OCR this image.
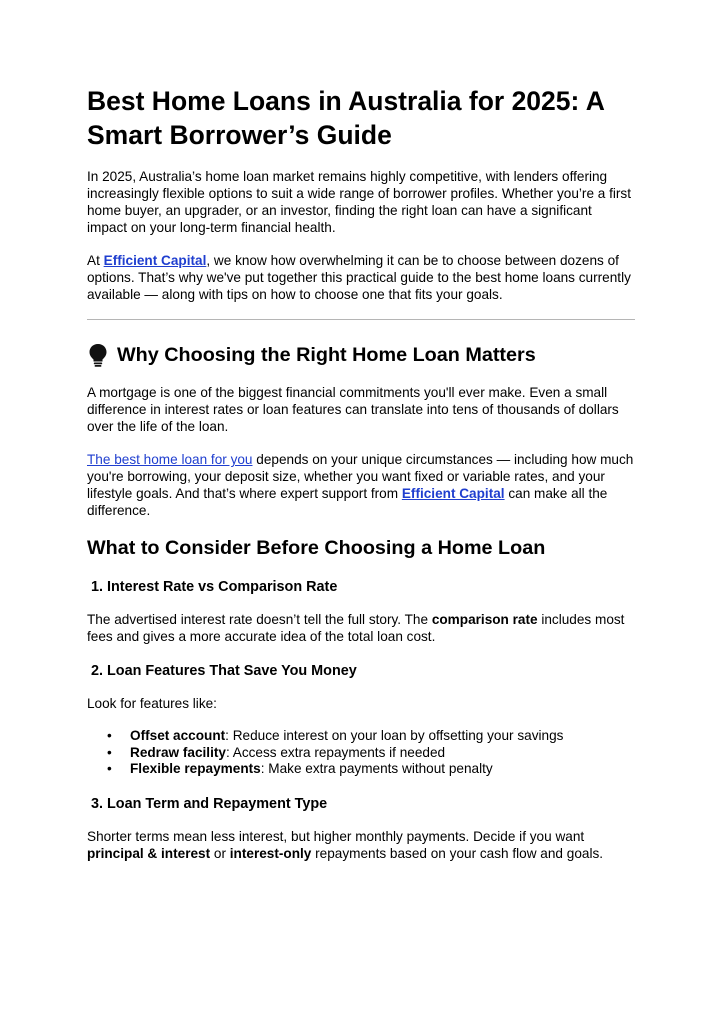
Best Home Loans in Australia for 2025: A Smart Borrower’s Guide

In 2025, Australia’s home loan market remains highly competitive, with lenders offering increasingly flexible options to suit a wide range of borrower profiles. Whether you’re a first home buyer, an upgrader, or an investor, finding the right loan can have a significant impact on your long-term financial health.

At Efficient Capital, we know how overwhelming it can be to choose between dozens of options. That’s why we've put together this practical guide to the best home loans currently available — along with tips on how to choose one that fits your goals.

Why Choosing the Right Home Loan Matters

A mortgage is one of the biggest financial commitments you'll ever make. Even a small difference in interest rates or loan features can translate into tens of thousands of dollars over the life of the loan.

The best home loan for you depends on your unique circumstances — including how much you're borrowing, your deposit size, whether you want fixed or variable rates, and your lifestyle goals. And that’s where expert support from Efficient Capital can make all the difference.

What to Consider Before Choosing a Home Loan
1. Interest Rate vs Comparison Rate

The advertised interest rate doesn’t tell the full story. The comparison rate includes most fees and gives a more accurate idea of the total loan cost.

2. Loan Features That Save You Money

Look for features like:

• Offset account: Reduce interest on your loan by offsetting your savings
• Redraw facility: Access extra repayments if needed
• Flexible repayments: Make extra payments without penalty
3. Loan Term and Repayment Type

Shorter terms mean less interest, but higher monthly payments. Decide if you want principal & interest or interest-only repayments based on your cash flow and goals.
